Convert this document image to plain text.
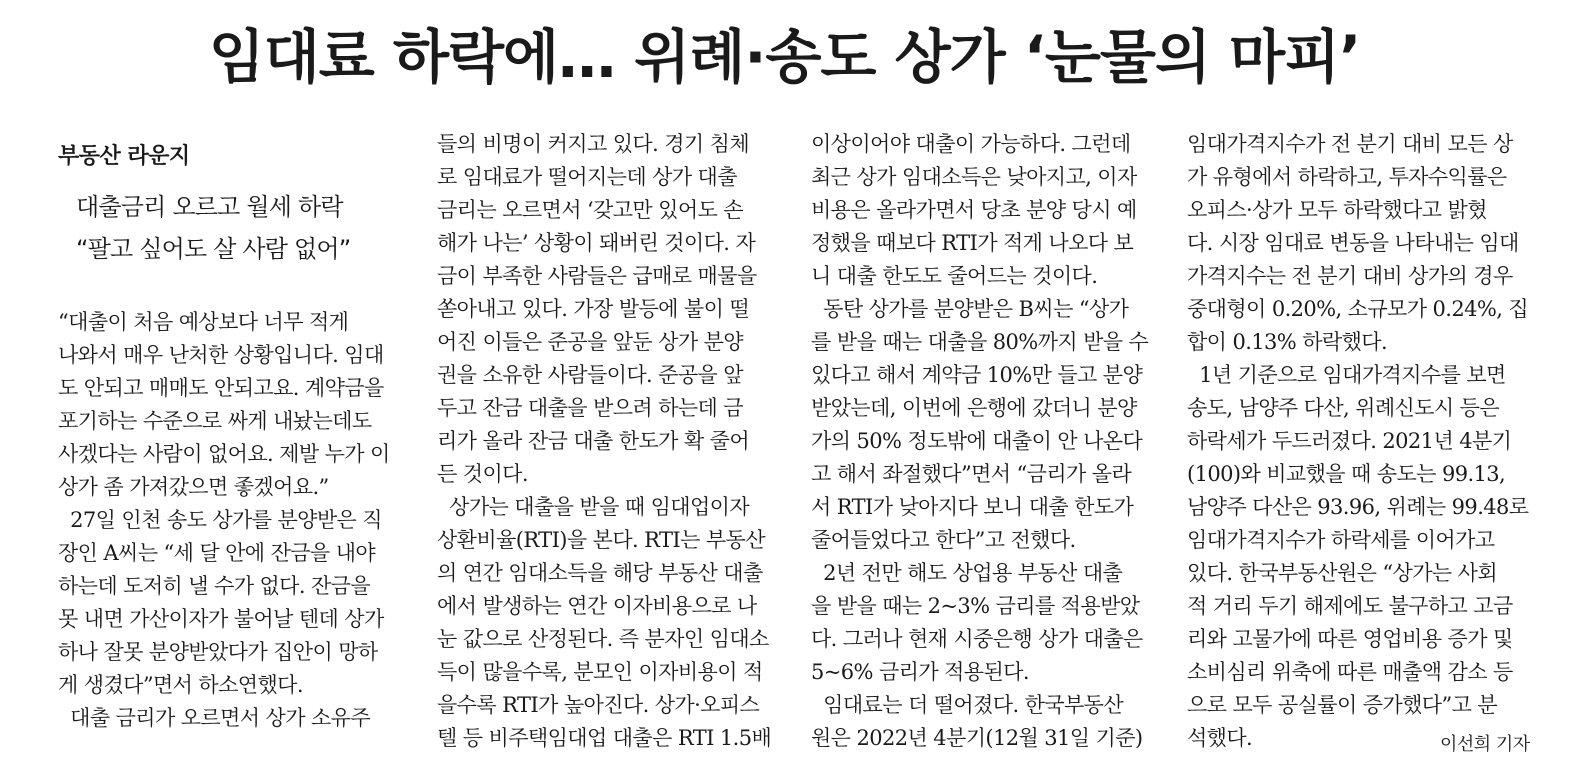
임대료 하락에… 위례·송도 상가 ‘눈물의 마피’
부동산 라운지
대출금리 오르고 월세 하락
“팔고 싶어도 살 사람 없어”
“대출이 처음 예상보다 너무 적게
나와서 매우 난처한 상황입니다. 임대
도 안되고 매매도 안되고요. 계약금을
포기하는 수준으로 싸게 내놨는데도
사겠다는 사람이 없어요. 제발 누가 이
상가 좀 가져갔으면 좋겠어요.”
27일 인천 송도 상가를 분양받은 직
장인 A씨는 “세 달 안에 잔금을 내야
하는데 도저히 낼 수가 없다. 잔금을
못 내면 가산이자가 불어날 텐데 상가
하나 잘못 분양받았다가 집안이 망하
게 생겼다”면서 하소연했다.
대출 금리가 오르면서 상가 소유주
들의 비명이 커지고 있다. 경기 침체
로 임대료가 떨어지는데 상가 대출
금리는 오르면서 ‘갖고만 있어도 손
해가 나는’ 상황이 돼버린 것이다. 자
금이 부족한 사람들은 급매로 매물을
쏟아내고 있다. 가장 발등에 불이 떨
어진 이들은 준공을 앞둔 상가 분양
권을 소유한 사람들이다. 준공을 앞
두고 잔금 대출을 받으려 하는데 금
리가 올라 잔금 대출 한도가 확 줄어
든 것이다.
상가는 대출을 받을 때 임대업이자
상환비율(RTI)을 본다. RTI는 부동산
의 연간 임대소득을 해당 부동산 대출
에서 발생하는 연간 이자비용으로 나
눈 값으로 산정된다. 즉 분자인 임대소
득이 많을수록, 분모인 이자비용이 적
을수록 RTI가 높아진다. 상가·오피스
텔 등 비주택임대업 대출은 RTI 1.5배
이상이어야 대출이 가능하다. 그런데
최근 상가 임대소득은 낮아지고, 이자
비용은 올라가면서 당초 분양 당시 예
정했을 때보다 RTI가 적게 나오다 보
니 대출 한도도 줄어드는 것이다.
동탄 상가를 분양받은 B씨는 “상가
를 받을 때는 대출을 80%까지 받을 수
있다고 해서 계약금 10%만 들고 분양
받았는데, 이번에 은행에 갔더니 분양
가의 50% 정도밖에 대출이 안 나온다
고 해서 좌절했다”면서 “금리가 올라
서 RTI가 낮아지다 보니 대출 한도가
줄어들었다고 한다”고 전했다.
2년 전만 해도 상업용 부동산 대출
을 받을 때는 2~3% 금리를 적용받았
다. 그러나 현재 시중은행 상가 대출은
5~6% 금리가 적용된다.
임대료는 더 떨어졌다. 한국부동산
원은 2022년 4분기(12월 31일 기준)
임대가격지수가 전 분기 대비 모든 상
가 유형에서 하락하고, 투자수익률은
오피스·상가 모두 하락했다고 밝혔
다. 시장 임대료 변동을 나타내는 임대
가격지수는 전 분기 대비 상가의 경우
중대형이 0.20%, 소규모가 0.24%, 집
합이 0.13% 하락했다.
1년 기준으로 임대가격지수를 보면
송도, 남양주 다산, 위례신도시 등은
하락세가 두드러졌다. 2021년 4분기
(100)와 비교했을 때 송도는 99.13,
남양주 다산은 93.96, 위례는 99.48로
임대가격지수가 하락세를 이어가고
있다. 한국부동산원은 “상가는 사회
적 거리 두기 해제에도 불구하고 고금
리와 고물가에 따른 영업비용 증가 및
소비심리 위축에 따른 매출액 감소 등
으로 모두 공실률이 증가했다”고 분
석했다.	이선희 기자
